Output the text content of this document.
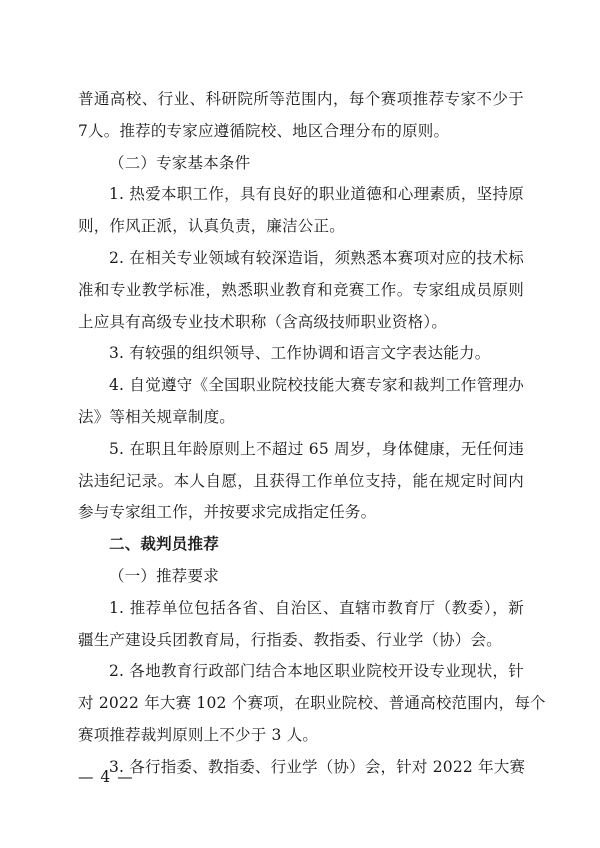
普通高校、行业、科研院所等范围内，每个赛项推荐专家不少于
7人。推荐的专家应遵循院校、地区合理分布的原则。
（二）专家基本条件
1. 热爱本职工作，具有良好的职业道德和心理素质，坚持原
则，作风正派，认真负责，廉洁公正。
2. 在相关专业领域有较深造诣，须熟悉本赛项对应的技术标
准和专业教学标准，熟悉职业教育和竞赛工作。专家组成员原则
上应具有高级专业技术职称（含高级技师职业资格）。
3. 有较强的组织领导、工作协调和语言文字表达能力。
4. 自觉遵守《全国职业院校技能大赛专家和裁判工作管理办
法》等相关规章制度。
5. 在职且年龄原则上不超过 65 周岁，身体健康，无任何违
法违纪记录。本人自愿，且获得工作单位支持，能在规定时间内
参与专家组工作，并按要求完成指定任务。
二、裁判员推荐
（一）推荐要求
1. 推荐单位包括各省、自治区、直辖市教育厅（教委），新
疆生产建设兵团教育局，行指委、教指委、行业学（协）会。
2. 各地教育行政部门结合本地区职业院校开设专业现状，针
对 2022 年大赛 102 个赛项，在职业院校、普通高校范围内，每个
赛项推荐裁判原则上不少于 3 人。
3. 各行指委、教指委、行业学（协）会，针对 2022 年大赛
— 4 —
